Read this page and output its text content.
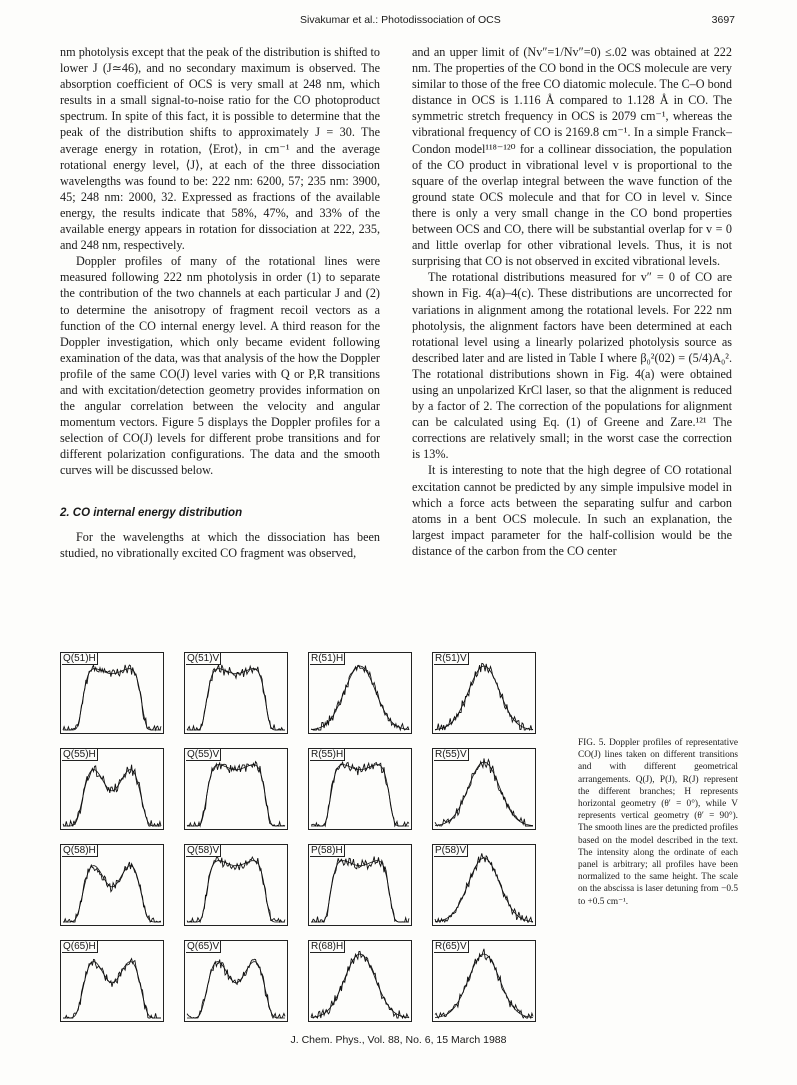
Sivakumar et al.: Photodissociation of OCS	3697

nm photolysis except that the peak of the distribution is shifted to lower J (J≃46), and no secondary maximum is observed. The absorption coefficient of OCS is very small at 248 nm, which results in a small signal-to-noise ratio for the CO photoproduct spectrum. In spite of this fact, it is possible to determine that the peak of the distribution shifts to approximately J = 30. The average energy in rotation, ⟨Erot⟩, in cm⁻¹ and the average rotational energy level, ⟨J⟩, at each of the three dissociation wavelengths was found to be: 222 nm: 6200, 57; 235 nm: 3900, 45; 248 nm: 2000, 32. Expressed as fractions of the available energy, the results indicate that 58%, 47%, and 33% of the available energy appears in rotation for dissociation at 222, 235, and 248 nm, respectively.

Doppler profiles of many of the rotational lines were measured following 222 nm photolysis in order (1) to separate the contribution of the two channels at each particular J and (2) to determine the anisotropy of fragment recoil vectors as a function of the CO internal energy level. A third reason for the Doppler investigation, which only became evident following examination of the data, was that analysis of the how the Doppler profile of the same CO(J) level varies with Q or P,R transitions and with excitation/detection geometry provides information on the angular correlation between the velocity and angular momentum vectors. Figure 5 displays the Doppler profiles for a selection of CO(J) levels for different probe transitions and for different polarization configurations. The data and the smooth curves will be discussed below.

2. CO internal energy distribution

For the wavelengths at which the dissociation has been studied, no vibrationally excited CO fragment was observed,

and an upper limit of (Nv″=1/Nv″=0) ≤.02 was obtained at 222 nm. The properties of the CO bond in the OCS molecule are very similar to those of the free CO diatomic molecule. The C–O bond distance in OCS is 1.116 Å compared to 1.128 Å in CO. The symmetric stretch frequency in OCS is 2079 cm⁻¹, whereas the vibrational frequency of CO is 2169.8 cm⁻¹. In a simple Franck–Condon model¹¹⁸⁻¹²⁰ for a collinear dissociation, the population of the CO product in vibrational level v is proportional to the square of the overlap integral between the wave function of the ground state OCS molecule and that for CO in level v. Since there is only a very small change in the CO bond properties between OCS and CO, there will be substantial overlap for v = 0 and little overlap for other vibrational levels. Thus, it is not surprising that CO is not observed in excited vibrational levels.

The rotational distributions measured for v″ = 0 of CO are shown in Fig. 4(a)–4(c). These distributions are uncorrected for variations in alignment among the rotational levels. For 222 nm photolysis, the alignment factors have been determined at each rotational level using a linearly polarized photolysis source as described later and are listed in Table I where β₀²(02) = (5/4)A₀². The rotational distributions shown in Fig. 4(a) were obtained using an unpolarized KrCl laser, so that the alignment is reduced by a factor of 2. The correction of the populations for alignment can be calculated using Eq. (1) of Greene and Zare.¹²¹ The corrections are relatively small; in the worst case the correction is 13%.

It is interesting to note that the high degree of CO rotational excitation cannot be predicted by any simple impulsive model in which a force acts between the separating sulfur and carbon atoms in a bent OCS molecule. In such an explanation, the largest impact parameter for the half-collision would be the distance of the carbon from the CO center

Q(51)H	Q(51)V	R(51)H	R(51)V
Q(55)H	Q(55)V	R(55)H	R(55)V
Q(58)H	Q(58)V	P(58)H	P(58)V
Q(65)H	Q(65)V	R(68)H	R(65)V
FIG. 5. Doppler profiles of representative CO(J) lines taken on different transitions and with different geometrical arrangements. Q(J), P(J), R(J) represent the different branches; H represents horizontal geometry (θ′ = 0°), while V represents vertical geometry (θ′ = 90°). The smooth lines are the predicted profiles based on the model described in the text. The intensity along the ordinate of each panel is arbitrary; all profiles have been normalized to the same height. The scale on the abscissa is laser detuning from −0.5 to +0.5 cm⁻¹.
J. Chem. Phys., Vol. 88, No. 6, 15 March 1988
